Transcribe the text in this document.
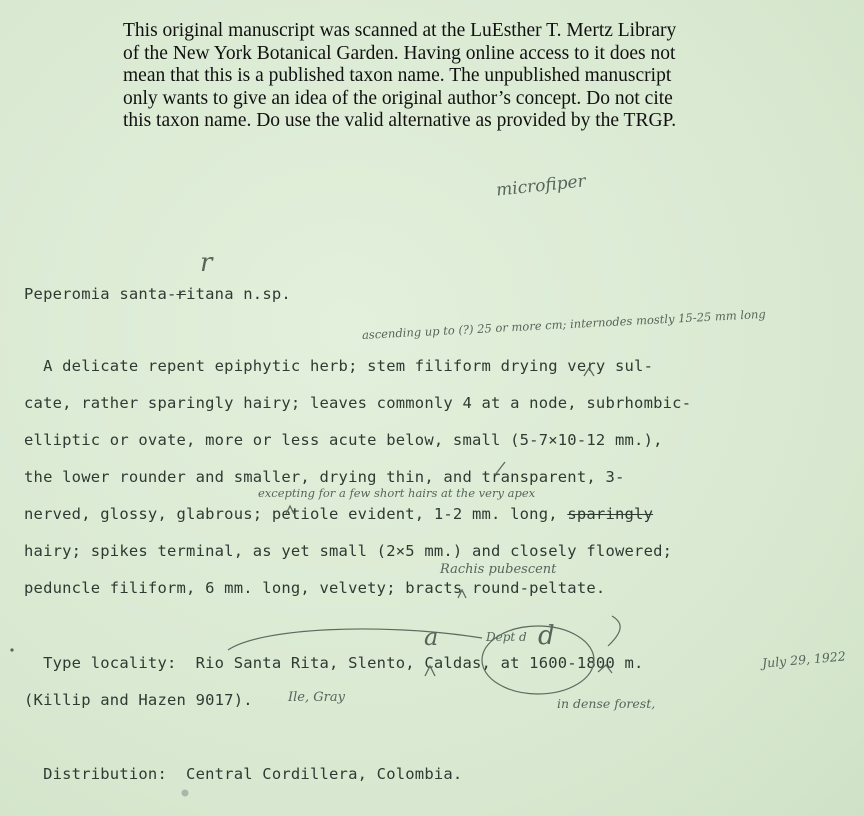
This original manuscript was scanned at the LuEsther T. Mertz Library
of the New York Botanical Garden. Having online access to it does not
mean that this is a published taxon name. The unpublished manuscript
only wants to give an idea of the original author’s concept. Do not cite
this taxon name. Do use the valid alternative as provided by the TRGP.
microfiper
Peperomia santa-ritana n.sp.
r
ascending up to (?) 25 or more cm; internodes mostly 15-25 mm long
A delicate repent epiphytic herb; stem filiform drying very sul-
cate, rather sparingly hairy; leaves commonly 4 at a node, subrhombic-
elliptic or ovate, more or less acute below, small (5-7×10-12 mm.),
the lower rounder and smaller, drying thin, and transparent, 3-
excepting for a few short hairs at the very apex
nerved, glossy, glabrous; petiole evident, 1-2 mm. long, sparingly
hairy; spikes terminal, as yet small (2×5 mm.) and closely flowered;
Rachis pubescent
peduncle filiform, 6 mm. long, velvety; bracts round-peltate.
a	Dept d d
Type locality:  Rio Santa Rita, Slento, Caldas, at 1600-1800 m.	July 29, 1922
(Killip and Hazen 9017).	Ile, Gray	in dense forest,
Distribution:  Central Cordillera, Colombia.
